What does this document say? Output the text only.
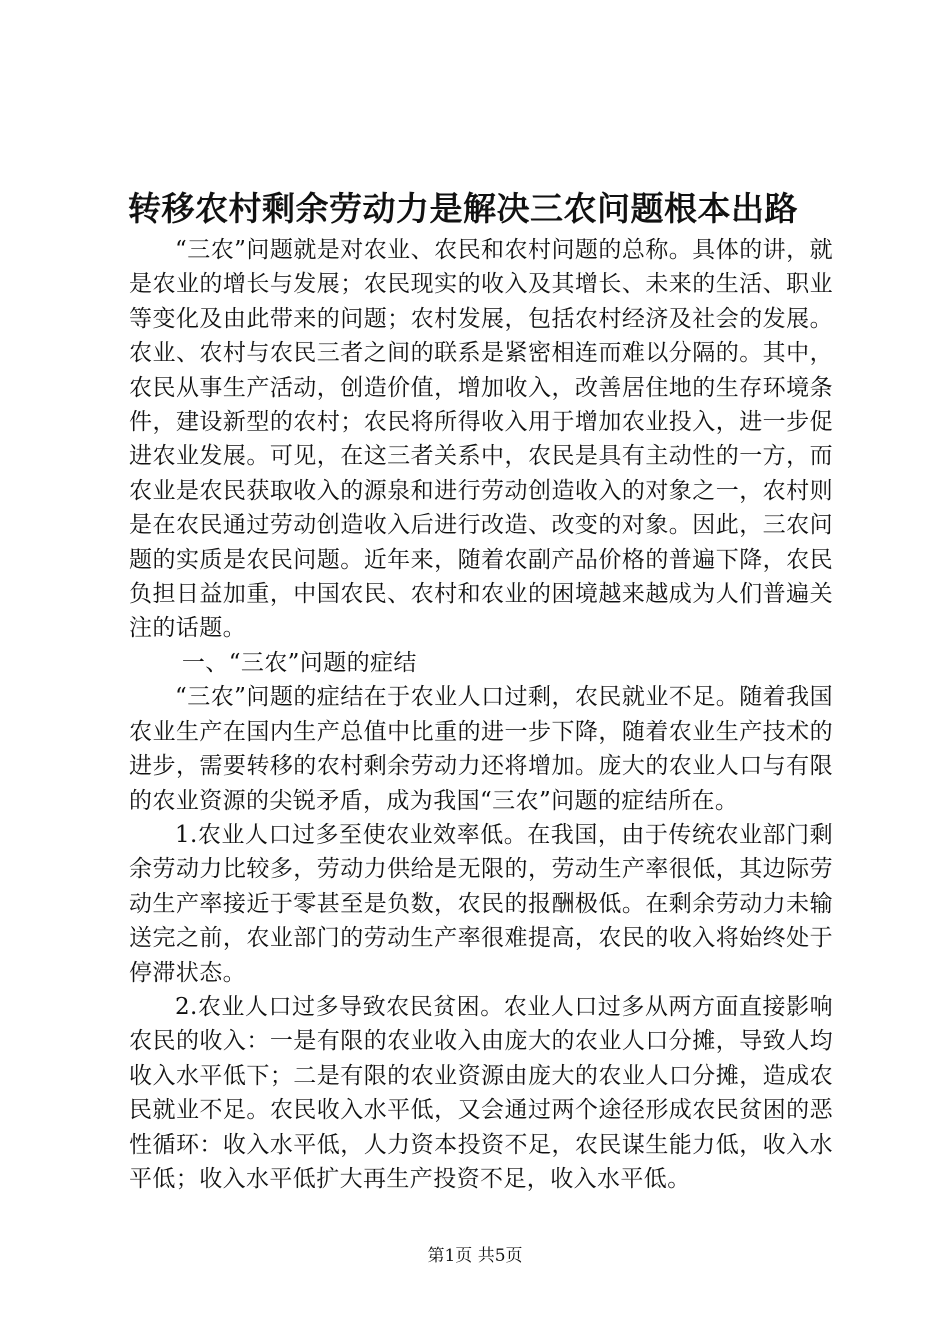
转移农村剩余劳动力是解决三农问题根本出路

“三农”问题就是对农业、农民和农村问题的总称。具体的讲，就是农业的增长与发展；农民现实的收入及其增长、未来的生活、职业等变化及由此带来的问题；农村发展，包括农村经济及社会的发展。农业、农村与农民三者之间的联系是紧密相连而难以分隔的。其中，农民从事生产活动，创造价值，增加收入，改善居住地的生存环境条件，建设新型的农村；农民将所得收入用于增加农业投入，进一步促进农业发展。可见，在这三者关系中，农民是具有主动性的一方，而农业是农民获取收入的源泉和进行劳动创造收入的对象之一，农村则是在农民通过劳动创造收入后进行改造、改变的对象。因此，三农问题的实质是农民问题。近年来，随着农副产品价格的普遍下降，农民负担日益加重，中国农民、农村和农业的困境越来越成为人们普遍关注的话题。

一、“三农”问题的症结

“三农”问题的症结在于农业人口过剩，农民就业不足。随着我国农业生产在国内生产总值中比重的进一步下降，随着农业生产技术的进步，需要转移的农村剩余劳动力还将增加。庞大的农业人口与有限的农业资源的尖锐矛盾，成为我国“三农”问题的症结所在。

1.农业人口过多至使农业效率低。在我国，由于传统农业部门剩余劳动力比较多，劳动力供给是无限的，劳动生产率很低，其边际劳动生产率接近于零甚至是负数，农民的报酬极低。在剩余劳动力未输送完之前，农业部门的劳动生产率很难提高，农民的收入将始终处于停滞状态。

2.农业人口过多导致农民贫困。农业人口过多从两方面直接影响农民的收入：一是有限的农业收入由庞大的农业人口分摊，导致人均收入水平低下；二是有限的农业资源由庞大的农业人口分摊，造成农民就业不足。农民收入水平低，又会通过两个途径形成农民贫困的恶性循环：收入水平低，人力资本投资不足，农民谋生能力低，收入水平低；收入水平低扩大再生产投资不足，收入水平低。

第1页 共5页
